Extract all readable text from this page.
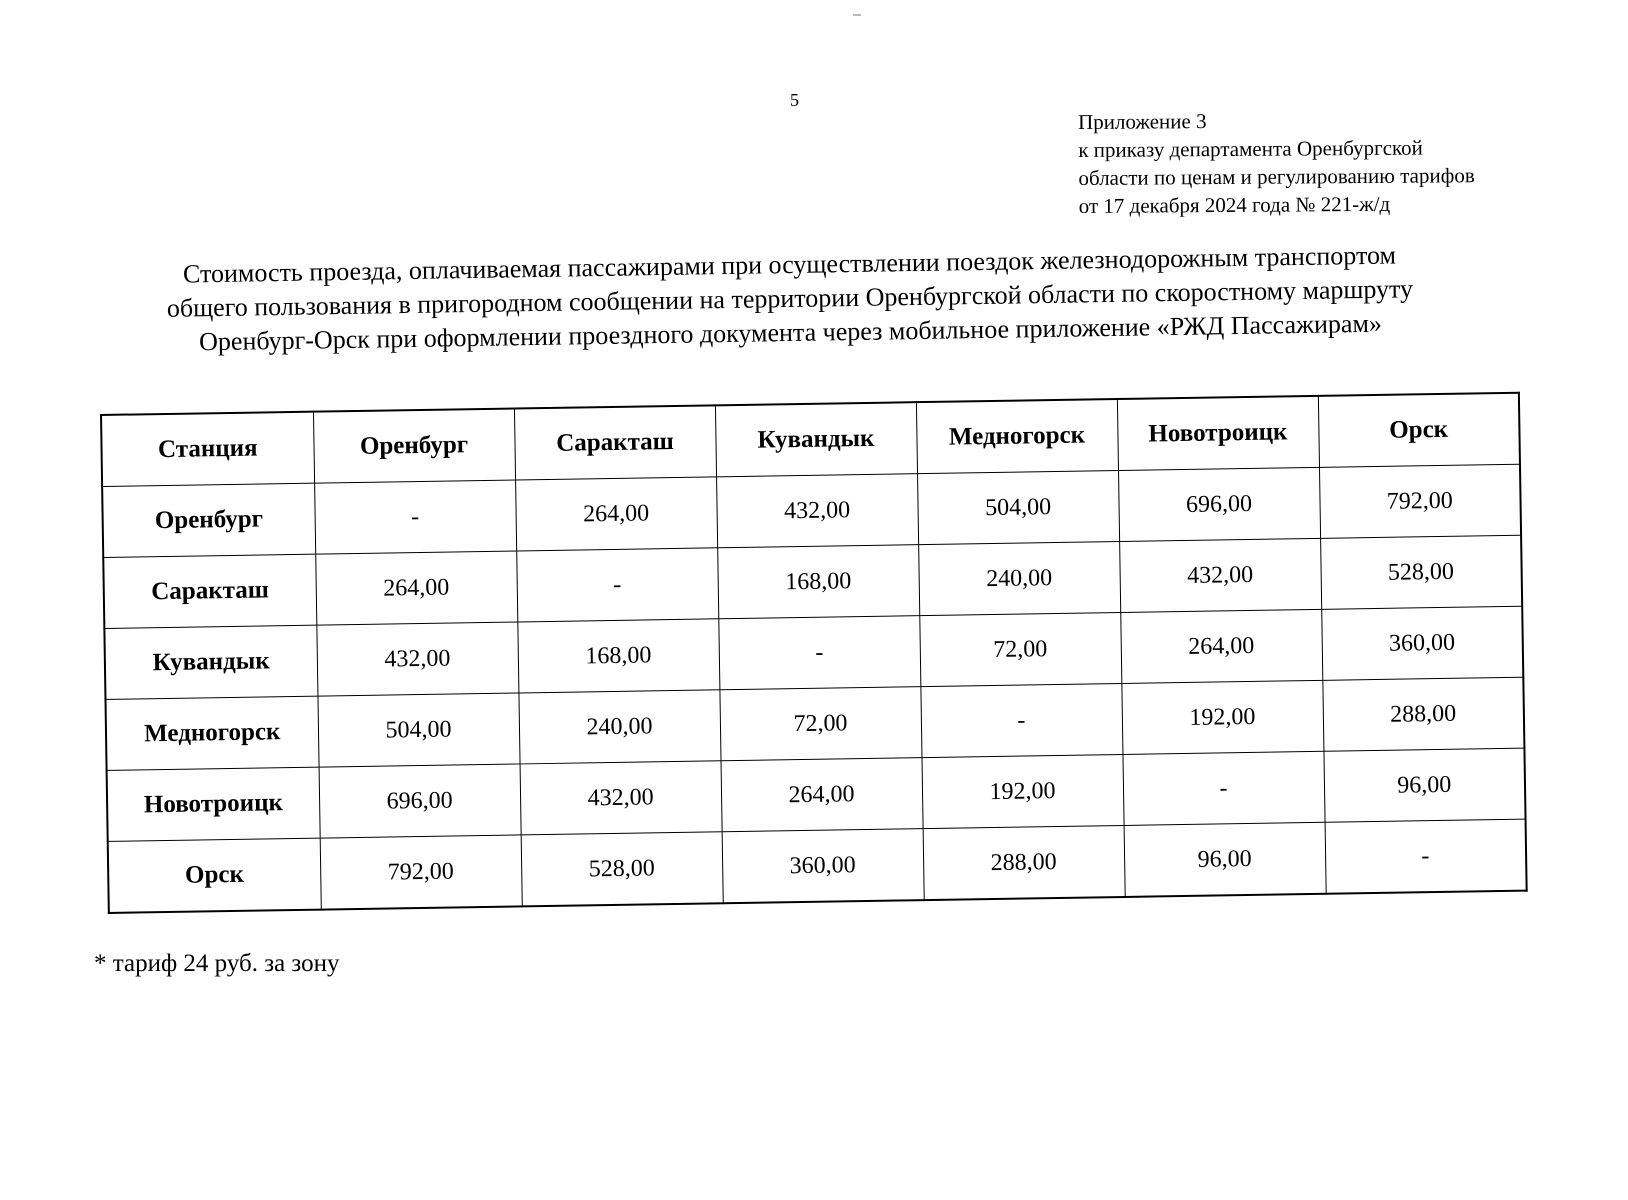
5
Приложение 3
к приказу департамента Оренбургской
области по ценам и регулированию тарифов
от 17 декабря 2024 года № 221-ж/д
Стоимость проезда, оплачиваемая пассажирами при осуществлении поездок железнодорожным транспортом
общего пользования в пригородном сообщении на территории Оренбургской области по скоростному маршруту
Оренбург-Орск при оформлении проездного документа через мобильное приложение «РЖД Пассажирам»
Станция	Оренбург	Саракташ	Кувандык	Медногорск	Новотроицк	Орск
Оренбург	-	264,00	432,00	504,00	696,00	792,00
Саракташ	264,00	-	168,00	240,00	432,00	528,00
Кувандык	432,00	168,00	-	72,00	264,00	360,00
Медногорск	504,00	240,00	72,00	-	192,00	288,00
Новотроицк	696,00	432,00	264,00	192,00	-	96,00
Орск	792,00	528,00	360,00	288,00	96,00	-
* тариф 24 руб. за зону
